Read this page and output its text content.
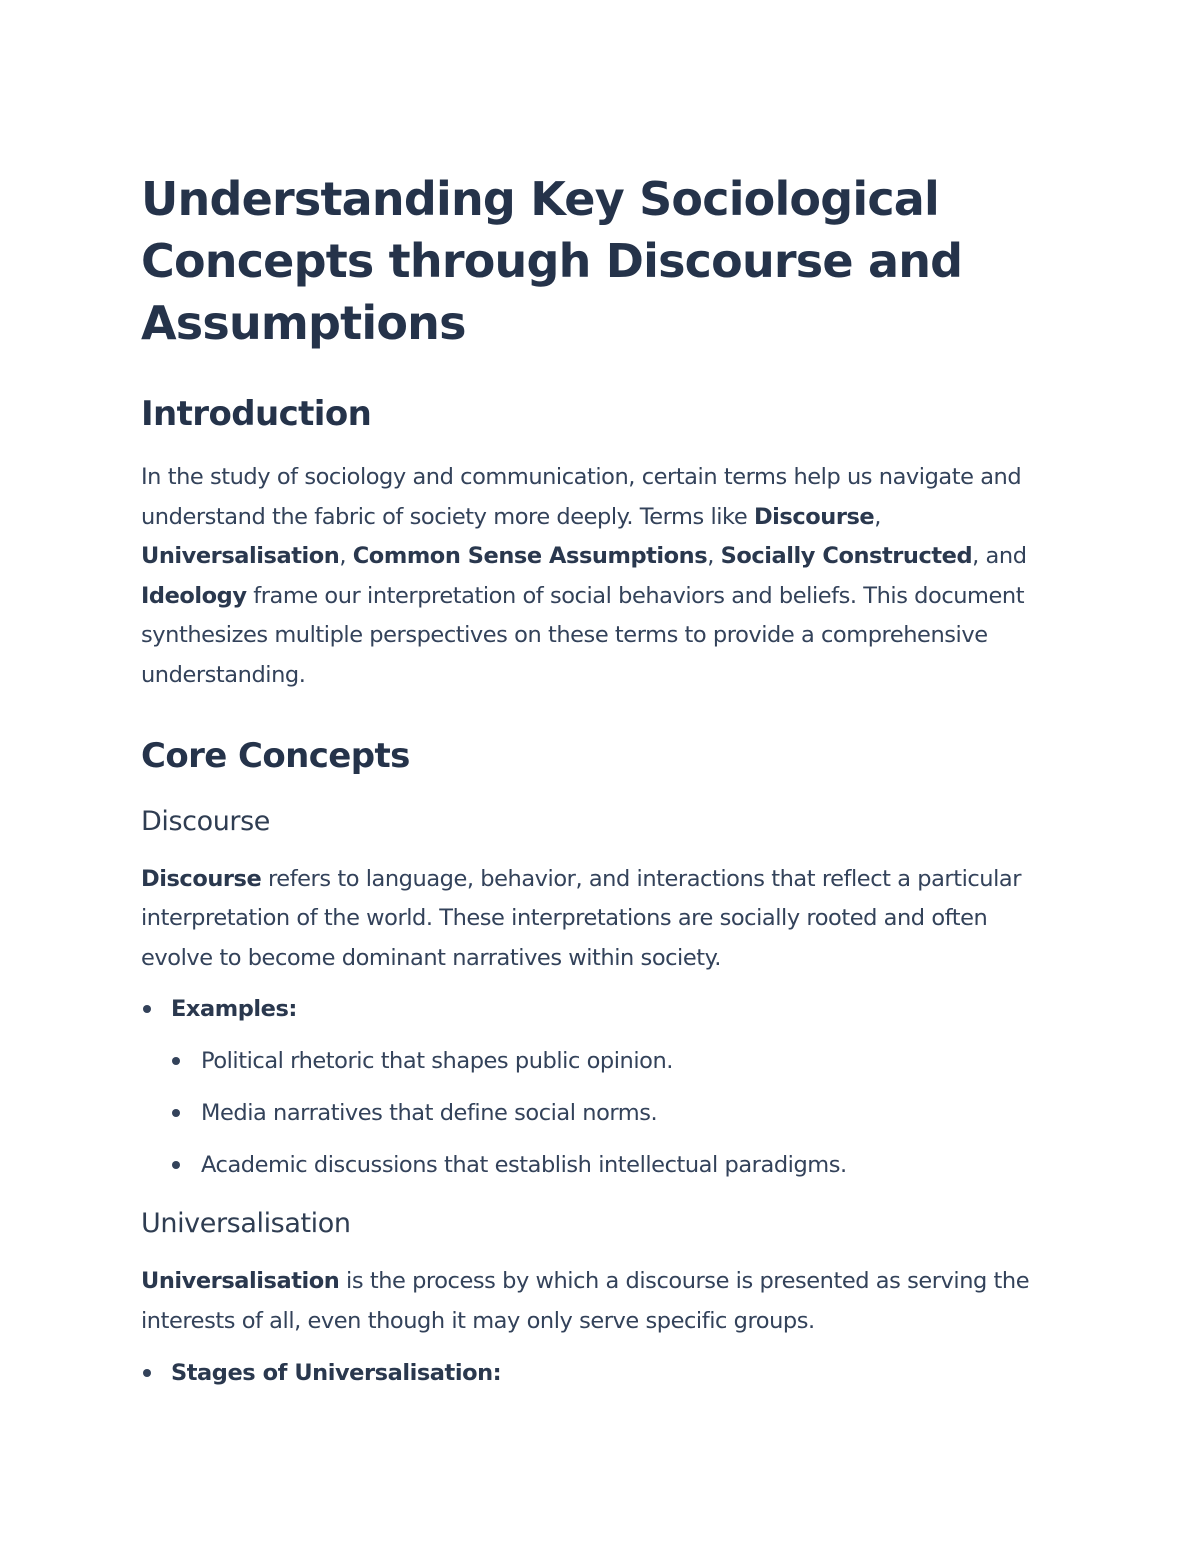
Understanding Key Sociological Concepts through Discourse and Assumptions
Introduction

In the study of sociology and communication, certain terms help us navigate and understand the fabric of society more deeply. Terms like Discourse, Universalisation, Common Sense Assumptions, Socially Constructed, and Ideology frame our interpretation of social behaviors and beliefs. This document synthesizes multiple perspectives on these terms to provide a comprehensive understanding.

Core Concepts
Discourse

Discourse refers to language, behavior, and interactions that reflect a particular interpretation of the world. These interpretations are socially rooted and often evolve to become dominant narratives within society.

Examples:
Political rhetoric that shapes public opinion.
Media narratives that define social norms.
Academic discussions that establish intellectual paradigms.
Universalisation

Universalisation is the process by which a discourse is presented as serving the interests of all, even though it may only serve specific groups.

Stages of Universalisation:
